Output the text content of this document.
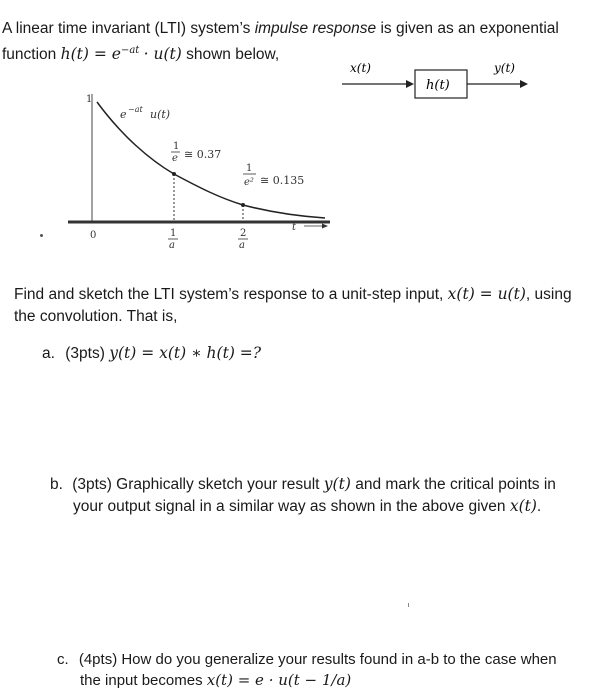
A linear time invariant (LTI) system’s impulse response is given as an exponential
function $h(t) = e^{-at} \cdot u(t)$ shown below,
x(t)
h(t)
y(t)
1
e −at u(t)
1
e ≅ 0.37
1
e² ≅ 0.135
0	1
a
2
a
t
Find and sketch the LTI system’s response to a unit-step input, x(t) = u(t), using
the convolution. That is,
a. (3pts) y(t) = x(t) ∗ h(t) =?
b. (3pts) Graphically sketch your result y(t) and mark the critical points in
your output signal in a similar way as shown in the above given x(t).
c. (4pts) How do you generalize your results found in a-b to the case when
the input becomes x(t) = e · u(t − 1/a)
